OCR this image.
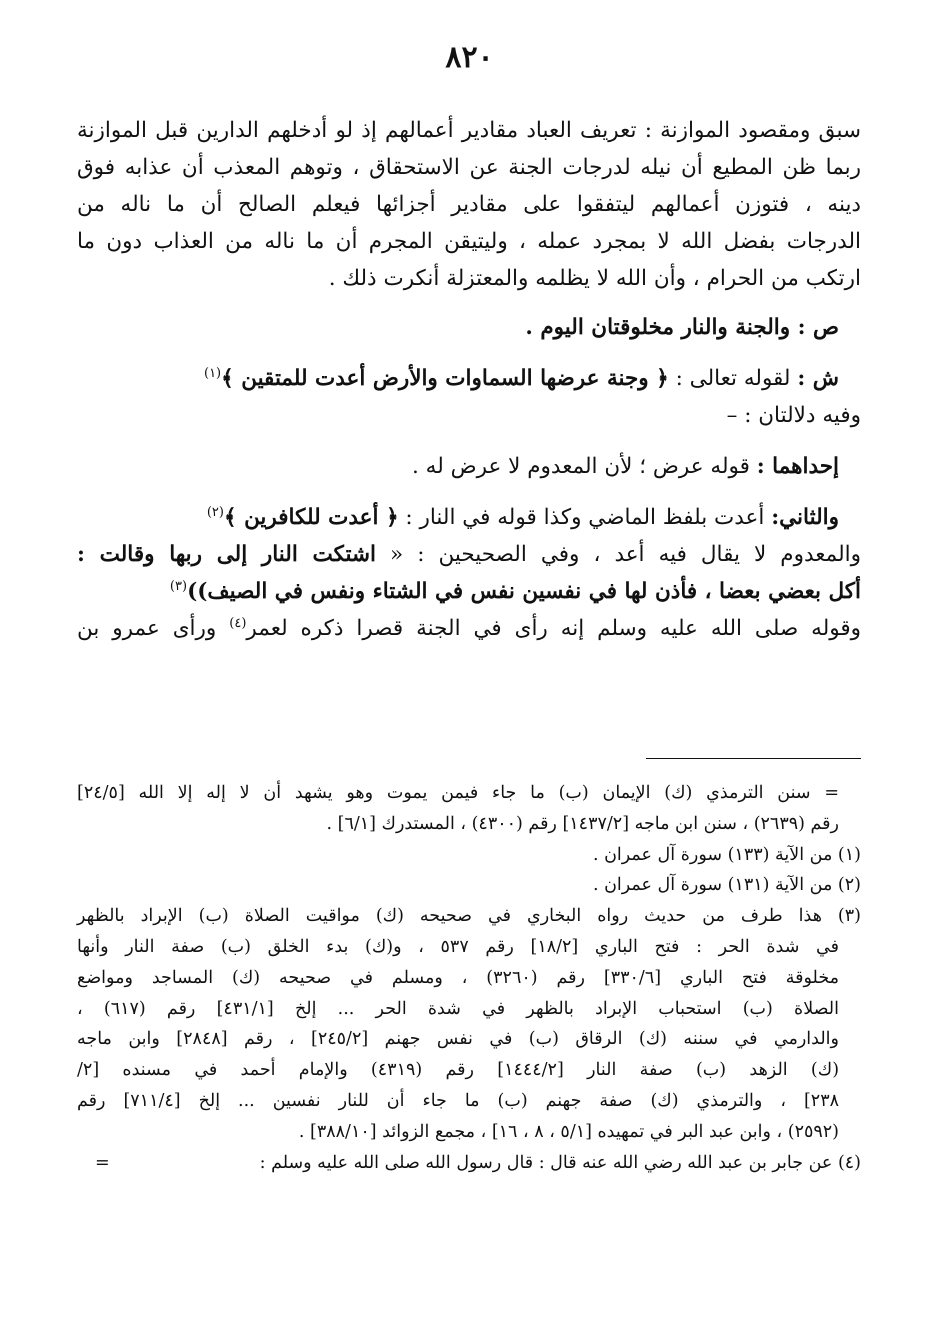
٨٢٠

سبق ومقصود الموازنة : تعريف العباد مقادير أعمالهم إذ لو أدخلهم الدارين قبل الموازنة

ربما ظن المطيع أن نيله لدرجات الجنة عن الاستحقاق ، وتوهم المعذب أن عذابه فوق

دينه ، فتوزن أعمالهم ليتفقوا على مقادير أجزائها فيعلم الصالح أن ما ناله من

الدرجات بفضل الله لا بمجرد عمله ، وليتيقن المجرم أن ما ناله من العذاب دون ما

ارتكب من الحرام ، وأن الله لا يظلمه والمعتزلة أنكرت ذلك .

ص : والجنة والنار مخلوقتان اليوم .

ش : لقوله تعالى : ﴿ وجنة عرضها السماوات والأرض أعدت للمتقين ﴾$^{(١)}$

وفيه دلالتان : –

إحداهما : قوله عرض ؛ لأن المعدوم لا عرض له .

والثاني: أعدت بلفظ الماضي وكذا قوله في النار : ﴿ أعدت للكافرين ﴾$^{(٢)}$

والمعدوم لا يقال فيه أعد ، وفي الصحيحين : « اشتكت النار إلى ربها وقالت :

أكل بعضي بعضا ، فأذن لها في نفسين نفس في الشتاء ونفس في الصيف))$^{(٣)}$

وقوله صلى الله عليه وسلم إنه رأى في الجنة قصرا ذكره لعمر$^{(٤)}$ ورأى عمرو بن

= سنن الترمذي (ك) الإيمان (ب) ما جاء فيمن يموت وهو يشهد أن لا إله إلا الله [٢٤/٥]

رقم (٢٦٣٩) ، سنن ابن ماجه [١٤٣٧/٢] رقم (٤٣٠٠) ، المستدرك [٦/١] .

(١) من الآية (١٣٣) سورة آل عمران .

(٢) من الآية (١٣١) سورة آل عمران .

(٣) هذا طرف من حديث رواه البخاري في صحيحه (ك) مواقيت الصلاة (ب) الإبراد بالظهر

في شدة الحر : فتح الباري [١٨/٢] رقم ٥٣٧ ، و(ك) بدء الخلق (ب) صفة النار وأنها

مخلوقة فتح الباري [٣٣٠/٦] رقم (٣٢٦٠) ، ومسلم في صحيحه (ك) المساجد ومواضع

الصلاة (ب) استحباب الإبراد بالظهر في شدة الحر ... إلخ [٤٣١/١] رقم (٦١٧) ،

والدارمي في سننه (ك) الرقاق (ب) في نفس جهنم [٢٤٥/٢] ، رقم [٢٨٤٨] وابن ماجه

(ك) الزهد (ب) صفة النار [١٤٤٤/٢] رقم (٤٣١٩) والإمام أحمد في مسنده [٢/

٢٣٨] ، والترمذي (ك) صفة جهنم (ب) ما جاء أن للنار نفسين ... إلخ [٧١١/٤] رقم

(٢٥٩٢) ، وابن عبد البر في تمهيده [٥/١ ، ٨ ، ١٦] ، مجمع الزوائد [٣٨٨/١٠] .

=	(٤) عن جابر بن عبد الله رضي الله عنه قال : قال رسول الله صلى الله عليه وسلم :
